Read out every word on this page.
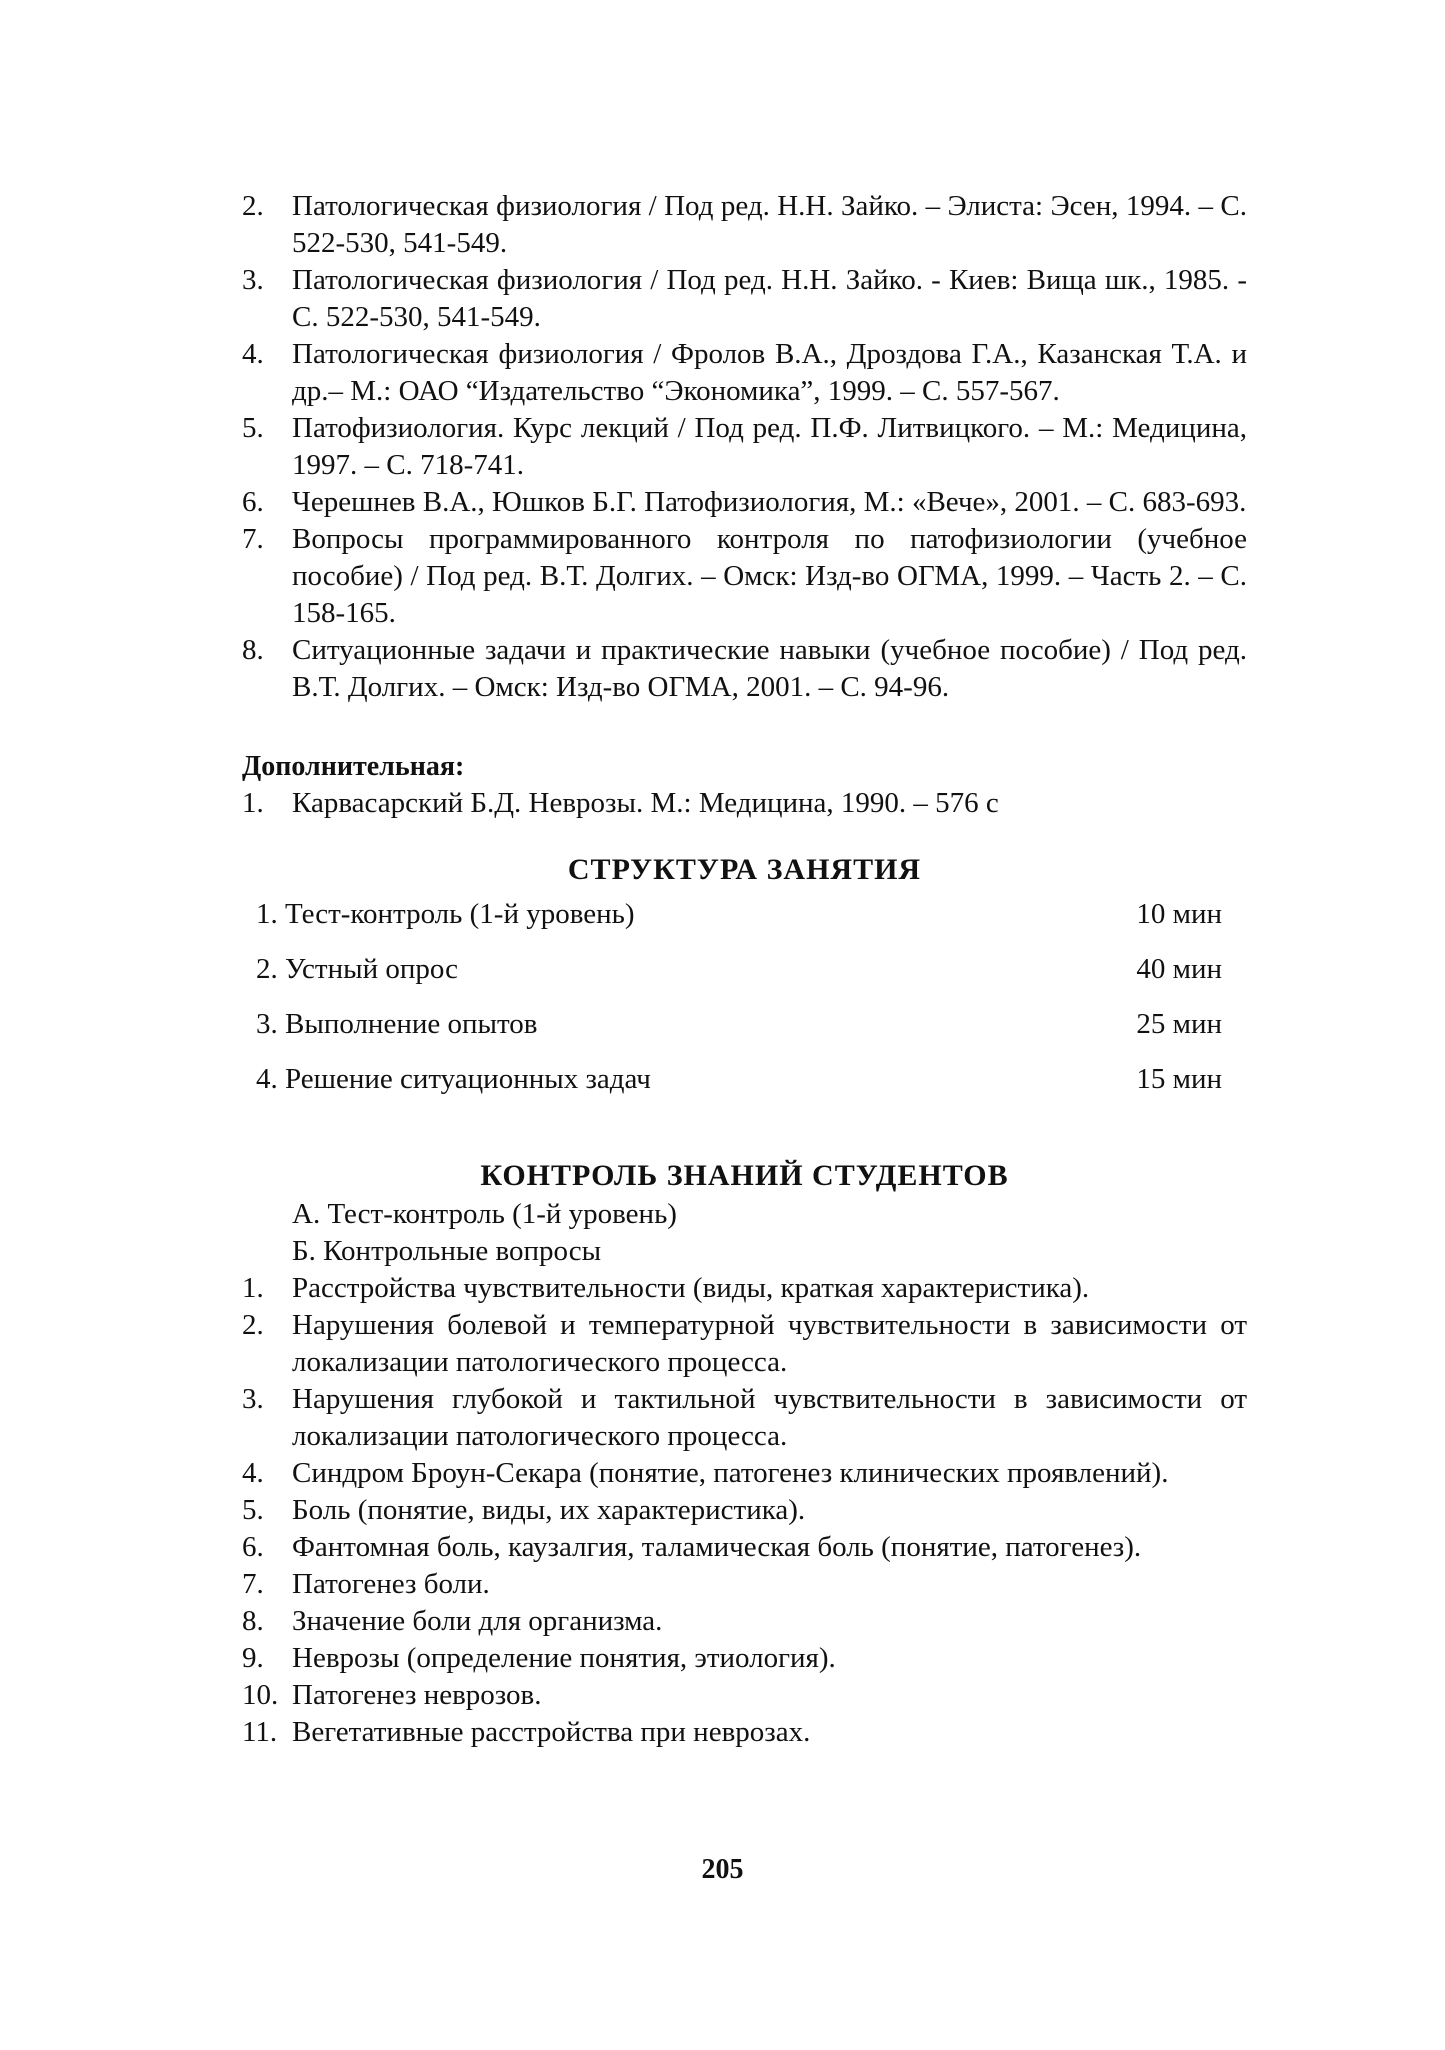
2. Патологическая физиология / Под ред. Н.Н. Зайко. – Элиста: Эсен, 1994. – С. 522-530, 541-549.
3. Патологическая физиология / Под ред. Н.Н. Зайко. - Киев: Вища шк., 1985. - С. 522-530, 541-549.
4. Патологическая физиология / Фролов В.А., Дроздова Г.А., Казанская Т.А. и др.– М.: ОАО “Издательство “Экономика”, 1999. – С. 557-567.
5. Патофизиология. Курс лекций / Под ред. П.Ф. Литвицкого. – М.: Медицина, 1997. – С. 718-741.
6. Черешнев В.А., Юшков Б.Г. Патофизиология, М.: «Вече», 2001. – С. 683-693.
7. Вопросы программированного контроля по патофизиологии (учебное пособие) / Под ред. В.Т. Долгих. – Омск: Изд-во ОГМА, 1999. – Часть 2. – С. 158-165.
8. Ситуационные задачи и практические навыки (учебное пособие) / Под ред. В.Т. Долгих. – Омск: Изд-во ОГМА, 2001. – С. 94-96.
Дополнительная:
1. Карвасарский Б.Д. Неврозы. М.: Медицина, 1990. – 576 с
СТРУКТУРА ЗАНЯТИЯ
1. Тест-контроль (1-й уровень)	10 мин
2. Устный опрос	40 мин
3. Выполнение опытов	25 мин
4. Решение ситуационных задач	15 мин
КОНТРОЛЬ ЗНАНИЙ СТУДЕНТОВ
А. Тест-контроль (1-й уровень)
Б. Контрольные вопросы
1. Расстройства чувствительности (виды, краткая характеристика).
2. Нарушения болевой и температурной чувствительности в зависимости от локализации патологического процесса.
3. Нарушения глубокой и тактильной чувствительности в зависимости от локализации патологического процесса.
4. Синдром Броун-Секара (понятие, патогенез клинических проявлений).
5. Боль (понятие, виды, их характеристика).
6. Фантомная боль, каузалгия, таламическая боль (понятие, патогенез).
7. Патогенез боли.
8. Значение боли для организма.
9. Неврозы (определение понятия, этиология).
10. Патогенез неврозов.
11. Вегетативные расстройства при неврозах.
205
